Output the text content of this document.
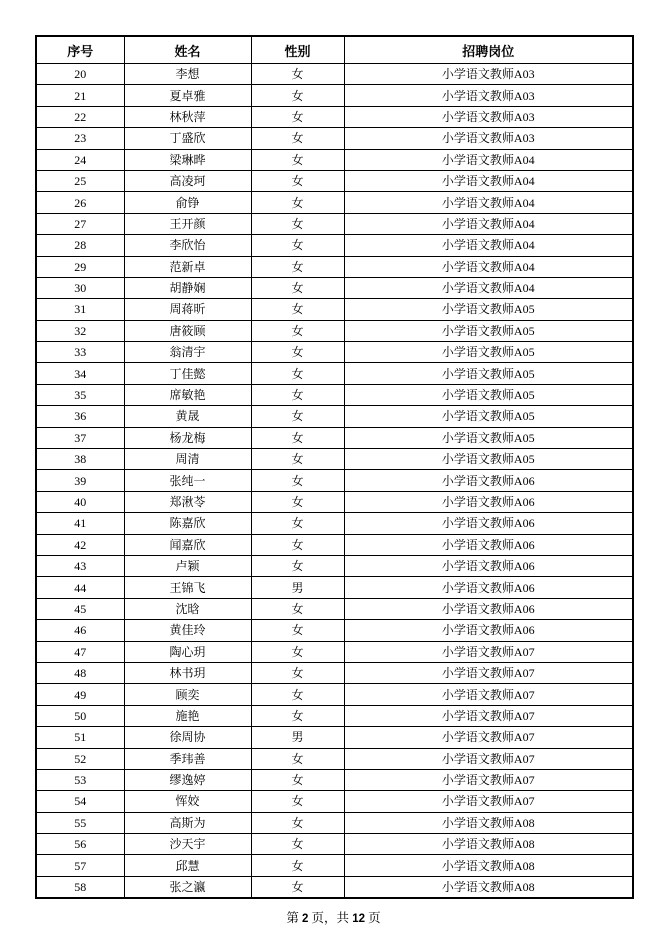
序号	姓名	性别	招聘岗位
20	李想	女	小学语文教师A03
21	夏卓雅	女	小学语文教师A03
22	林秋萍	女	小学语文教师A03
23	丁盛欣	女	小学语文教师A03
24	梁琳晔	女	小学语文教师A04
25	高凌珂	女	小学语文教师A04
26	俞铮	女	小学语文教师A04
27	王开颜	女	小学语文教师A04
28	李欣怡	女	小学语文教师A04
29	范新卓	女	小学语文教师A04
30	胡静娴	女	小学语文教师A04
31	周蒋昕	女	小学语文教师A05
32	唐筱顾	女	小学语文教师A05
33	翁清宇	女	小学语文教师A05
34	丁佳懿	女	小学语文教师A05
35	席敏艳	女	小学语文教师A05
36	黄晟	女	小学语文教师A05
37	杨龙梅	女	小学语文教师A05
38	周清	女	小学语文教师A05
39	张纯一	女	小学语文教师A06
40	郑湫苓	女	小学语文教师A06
41	陈嘉欣	女	小学语文教师A06
42	闻嘉欣	女	小学语文教师A06
43	卢颖	女	小学语文教师A06
44	王锦飞	男	小学语文教师A06
45	沈晗	女	小学语文教师A06
46	黄佳玲	女	小学语文教师A06
47	陶心玥	女	小学语文教师A07
48	林书玥	女	小学语文教师A07
49	顾奕	女	小学语文教师A07
50	施艳	女	小学语文教师A07
51	徐周协	男	小学语文教师A07
52	季玮善	女	小学语文教师A07
53	缪逸婷	女	小学语文教师A07
54	恽姣	女	小学语文教师A07
55	高斯为	女	小学语文教师A08
56	沙天宇	女	小学语文教师A08
57	邱慧	女	小学语文教师A08
58	张之瀛	女	小学语文教师A08
第 2 页，共 12 页
